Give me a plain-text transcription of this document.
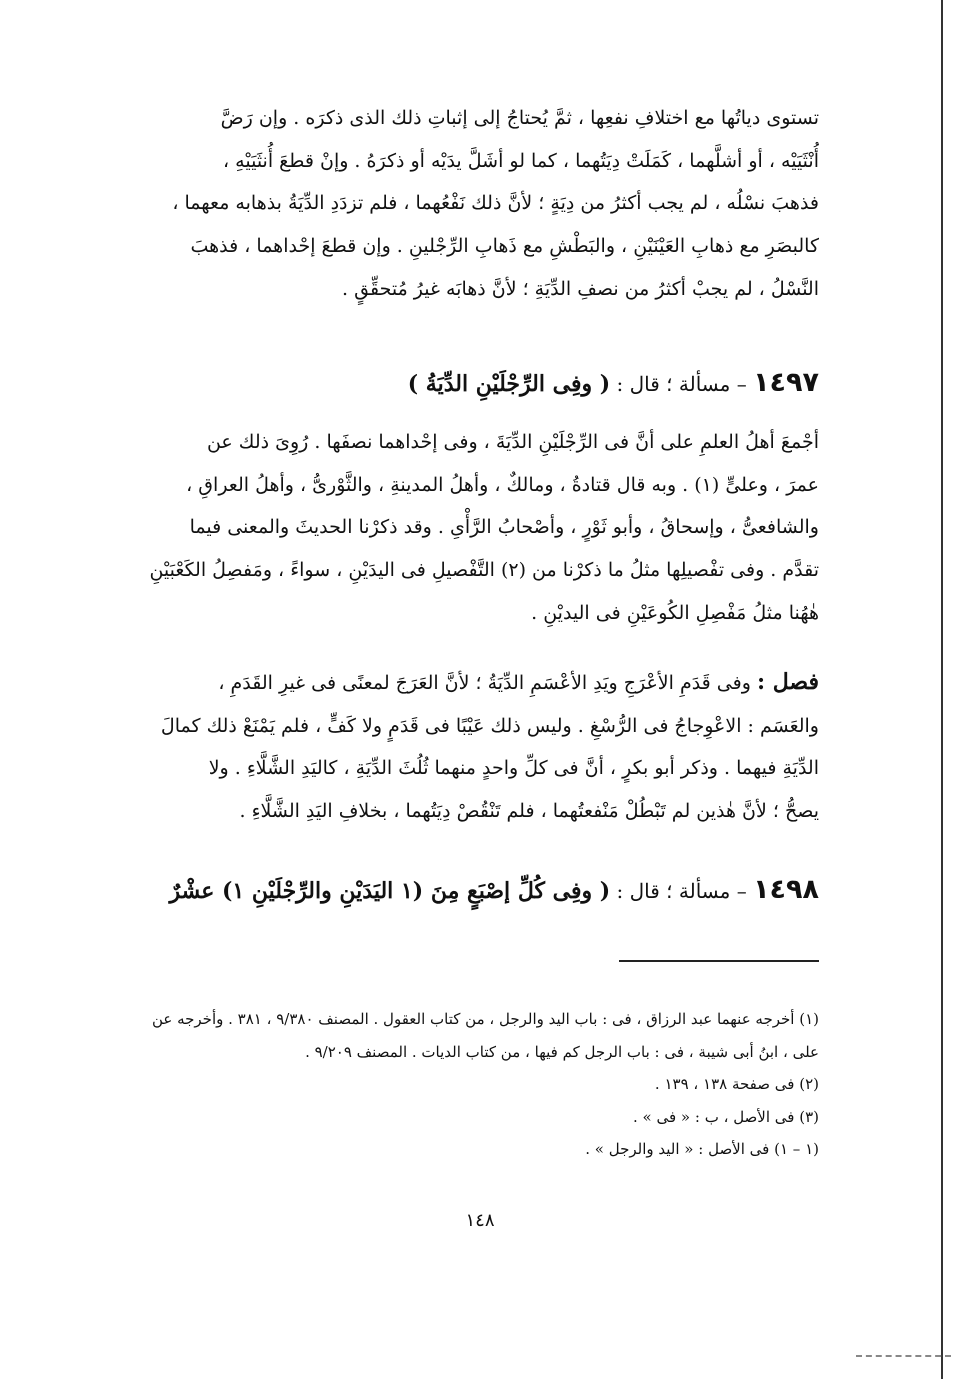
تستوى دياتُها مع اختلافِ نفعِها ، ثمَّ يُحتاجُ إلى إثباتِ ذلك الذى ذكرَه . وإن رَضَّ
أُنْثَيَيْه ، أو أشلَّهما ، كَمَلَتْ دِيَتُهما ، كما لو أشَلَّ يدَيْه أو ذكرَهُ . وإنْ قطعَ أُنثَيَيْهِ ،
فذهبَ نسْلُه ، لم يجب أكثرُ من دِيَةٍ ؛ لأنَّ ذلك نَفْعُهما ، فلم تزدَدِ الدِّيَةُ بذهابه معهما ،
كالبصَرِ مع ذهابِ العَيْنَيْنِ ، والبَطْشِ مع ذَهابِ الرِّجْلينِ . وإن قطعَ إحْداهما ، فذهبَ
النَّسْلُ ، لم يجبْ أكثرُ من نصفِ الدِّيَةِ ؛ لأنَّ ذهابَه غيرُ مُتحقِّقٍ .
١٤٩٧ – مسألة ؛ قال : ( وفِى الرِّجْلَيْنِ الدِّيَةُ )
أجْمعَ أهلُ العلمِ على أنَّ فى الرِّجْلَيْنِ الدِّيَةَ ، وفى إحْداهما نصفَها . رُوِىَ ذلك عن
عمرَ ، وعلىٍّ (١) . وبه قال قتادةُ ، ومالكٌ ، وأهلُ المدينةِ ، والثَّوْرىُّ ، وأهلُ العراقِ ،
والشافعىُّ ، وإسحاقُ ، وأبو ثَوْرٍ ، وأصْحابُ الرَّأْىِ . وقد ذكرْنا الحديثَ والمعنى فيما
تقدَّم . وفى تفْصيلِها مثلُ ما ذكرْنا من (٢) التَّفْصيلِ فى اليدَيْنِ ، سواءً ، ومَفصِلُ الكَعْبَيْنِ
هٰهُنا مثلُ مَفْصِلِ الكُوعَيْنِ فى اليديْنِ .
فصل : وفى قَدَمِ الأعْرَجِ ويَدِ الأعْسَمِ الدِّيَةُ ؛ لأنَّ العَرَجَ لمعنًى فى غيرِ القَدَمِ ،
والعَسَم : الاعْوِجاجُ فى الرُّسْغِ . وليس ذلك عَيْبًا فى قَدَمٍ ولا كَفٍّ ، فلم يَمْنَعْ ذلك كمالَ
الدِّيَةِ فيهما . وذكر أبو بكرٍ ، أنَّ فى كلِّ واحدٍ منهما ثُلُثَ الدِّيَةِ ، كاليَدِ الشَّلَّاءِ . ولا
يصحُّ ؛ لأنَّ هٰذين لم تَبْطُلْ مَنْفعتُهما ، فلم تَنْقُصْ دِيَتُهما ، بخلافِ اليَدِ الشَّلَّاءِ .
١٤٩٨ – مسألة ؛ قال : ( وفِى كُلِّ إصْبَعٍ مِنَ (١ اليَدَيْنِ والرِّجْلَيْنِ ١) عشْرٌ
(١) أخرجه عنهما عبد الرزاق ، فى : باب اليد والرجل ، من كتاب العقول . المصنف ٩/٣٨٠ ، ٣٨١ . وأخرجه عن
على ، ابنُ أبى شيبة ، فى : باب الرجل كم فيها ، من كتاب الديات . المصنف ٩/٢٠٩ .
(٢) فى صفحة ١٣٨ ، ١٣٩ .
(٣) فى الأصل ، ب : « فى » .
(١ – ١) فى الأصل : « اليد والرجل » .
١٤٨
